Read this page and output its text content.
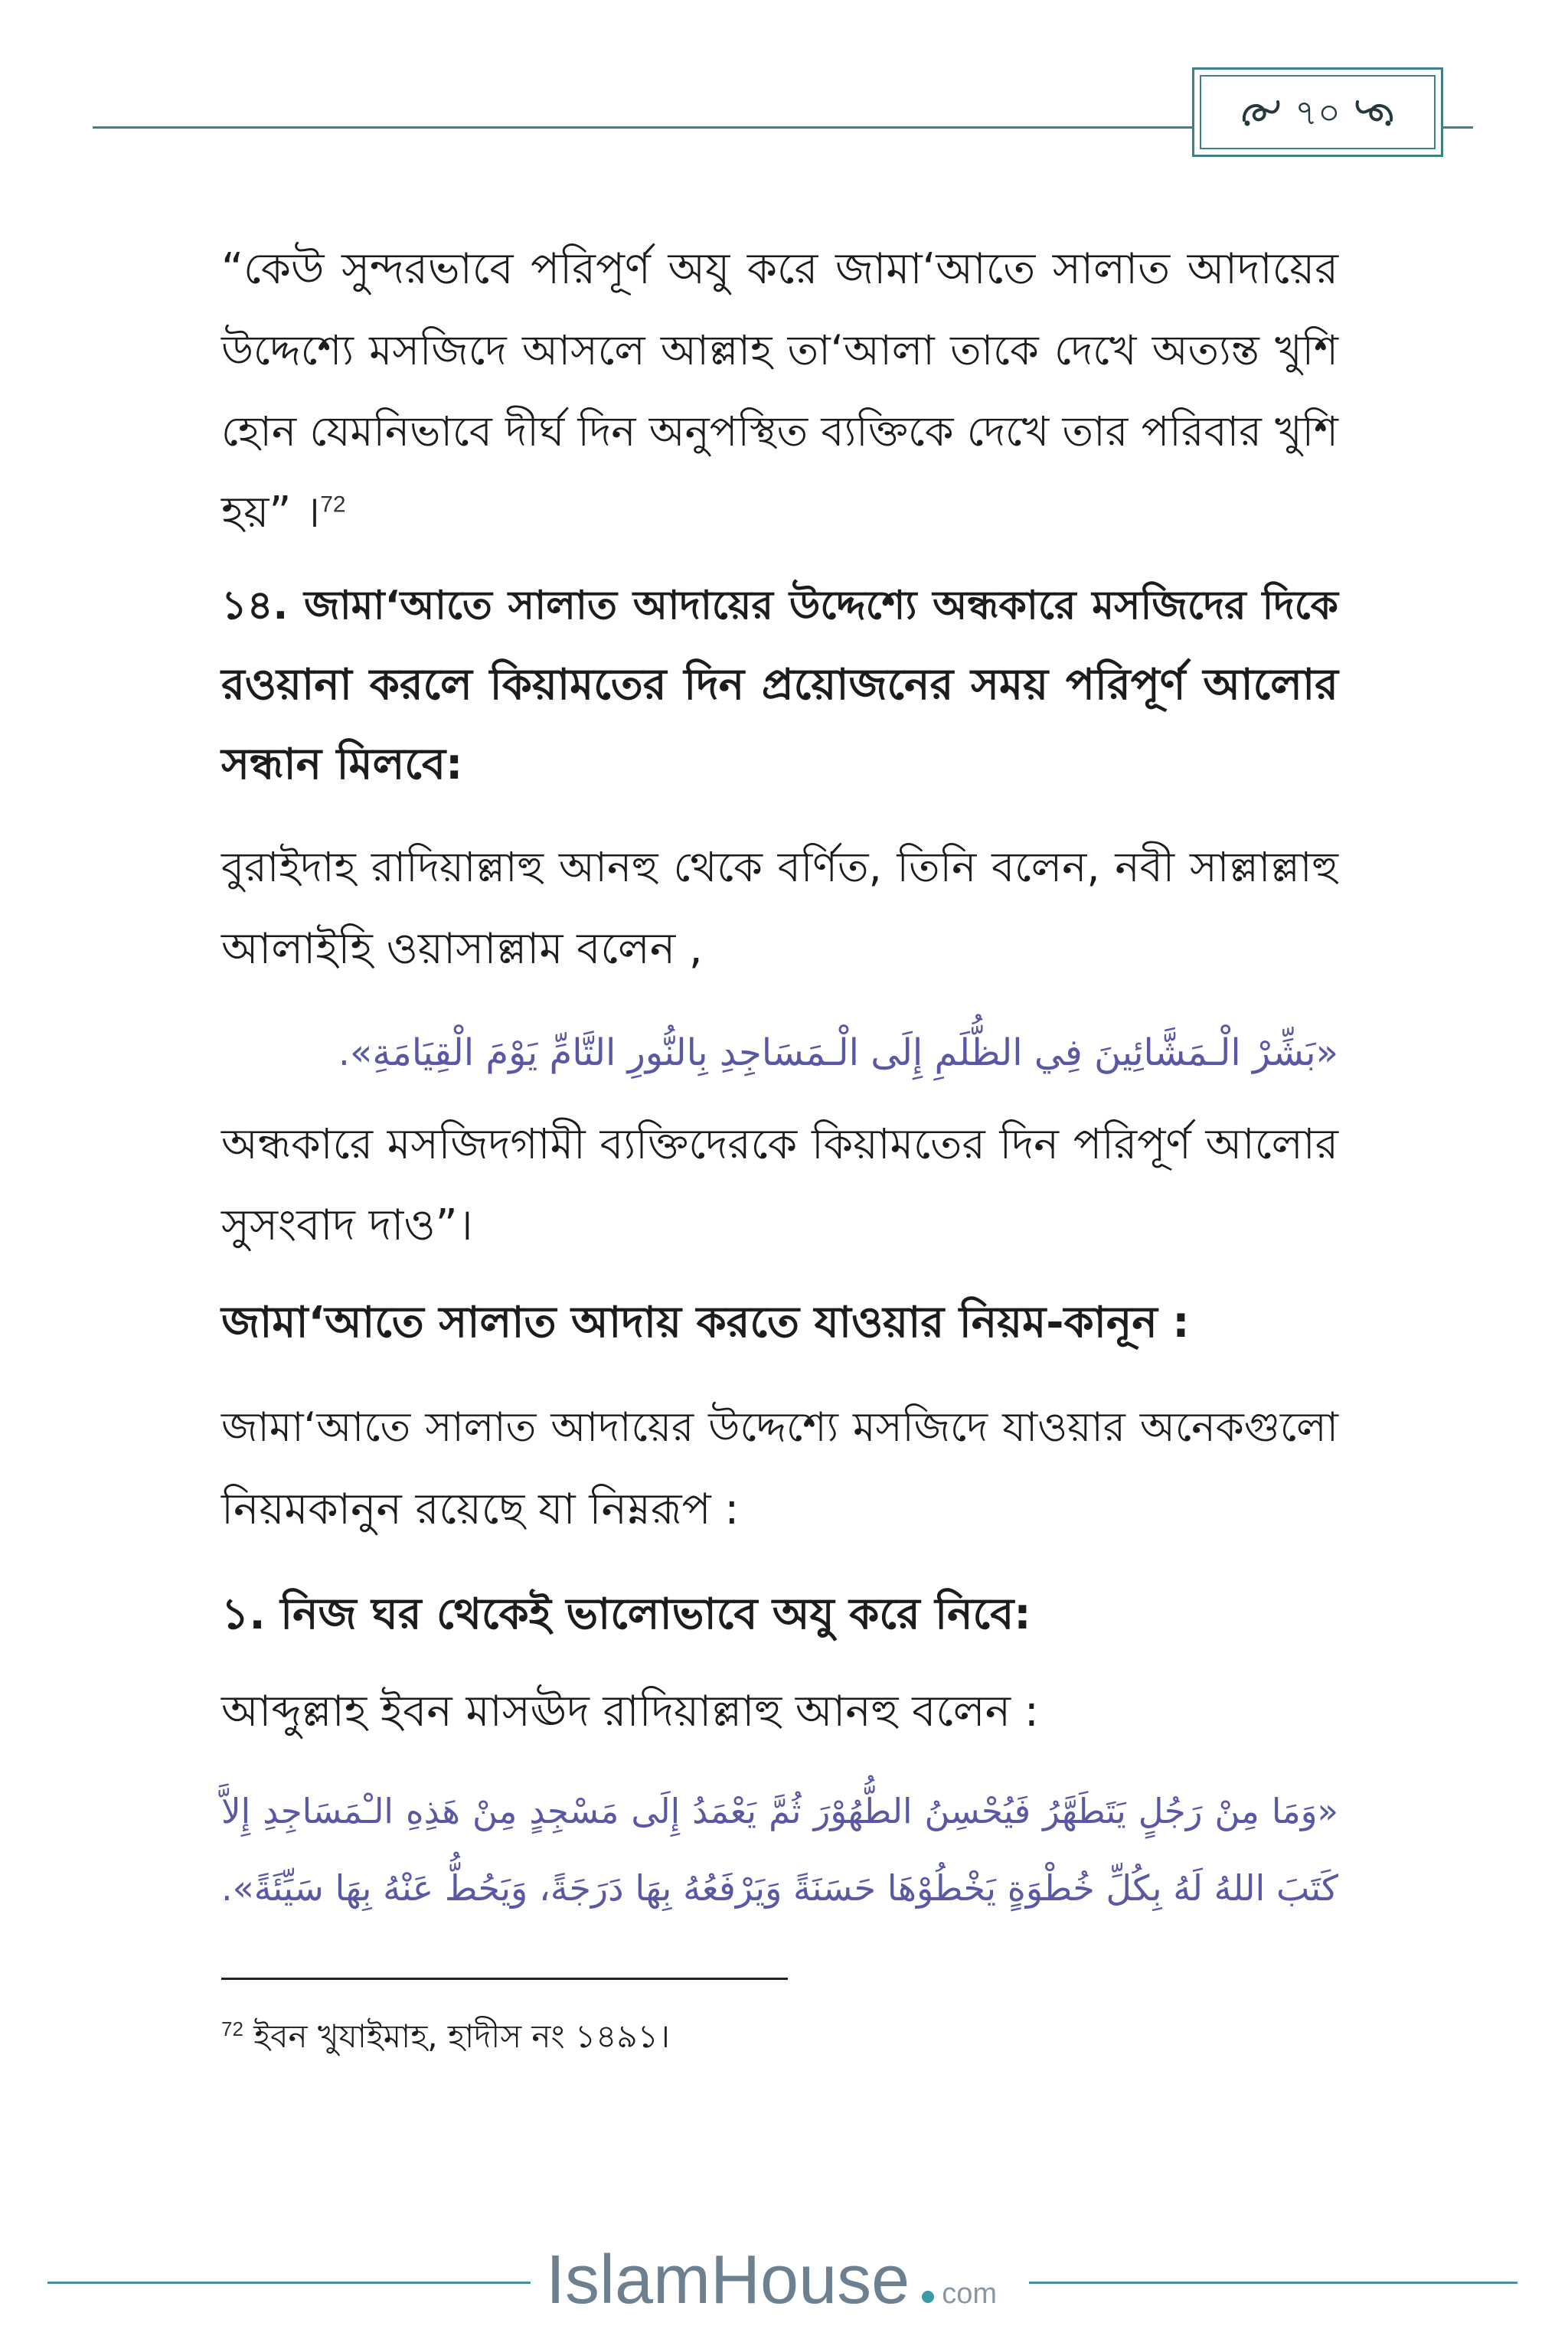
৭০
“কেউ সুন্দরভাবে পরিপূর্ণ অযু করে জামা‘আতে সালাত আদায়ের
উদ্দেশ্যে মসজিদে আসলে আল্লাহ তা‘আলা তাকে দেখে অত্যন্ত খুশি
হোন যেমনিভাবে দীর্ঘ দিন অনুপস্থিত ব্যক্তিকে দেখে তার পরিবার খুশি
হয়” ।$^{72}$
১৪. জামা‘আতে সালাত আদায়ের উদ্দেশ্যে অন্ধকারে মসজিদের দিকে
রওয়ানা করলে কিয়ামতের দিন প্রয়োজনের সময় পরিপূর্ণ আলোর
সন্ধান মিলবে:
বুরাইদাহ রাদিয়াল্লাহু আনহু থেকে বর্ণিত, তিনি বলেন, নবী সাল্লাল্লাহু
আলাইহি ওয়াসাল্লাম বলেন ,
«بَشِّرْ الْـمَشَّائِينَ فِي الظُّلَمِ إِلَى الْـمَسَاجِدِ بِالنُّورِ التَّامِّ يَوْمَ الْقِيَامَةِ».
অন্ধকারে মসজিদগামী ব্যক্তিদেরকে কিয়ামতের দিন পরিপূর্ণ আলোর
সুসংবাদ দাও”।
জামা‘আতে সালাত আদায় করতে যাওয়ার নিয়ম-কানূন :
জামা‘আতে সালাত আদায়ের উদ্দেশ্যে মসজিদে যাওয়ার অনেকগুলো
নিয়মকানুন রয়েছে যা নিম্নরূপ :
১. নিজ ঘর থেকেই ভালোভাবে অযু করে নিবে:
আব্দুল্লাহ ইবন মাসঊদ রাদিয়াল্লাহু আনহু বলেন :
«وَمَا مِنْ رَجُلٍ يَتَطَهَّرُ فَيُحْسِنُ الطُّهُوْرَ ثُمَّ يَعْمَدُ إِلَى مَسْجِدٍ مِنْ هَذِهِ الـْمَسَاجِدِ إِلاَّ
كَتَبَ اللهُ لَهُ بِكُلِّ خُطْوَةٍ يَخْطُوْهَا حَسَنَةً وَيَرْفَعُهُ بِهَا دَرَجَةً، وَيَحُطُّ عَنْهُ بِهَا سَيِّئَةً».
$^{72}$ ইবন খুযাইমাহ, হাদীস নং ১৪৯১।
IslamHouse com
